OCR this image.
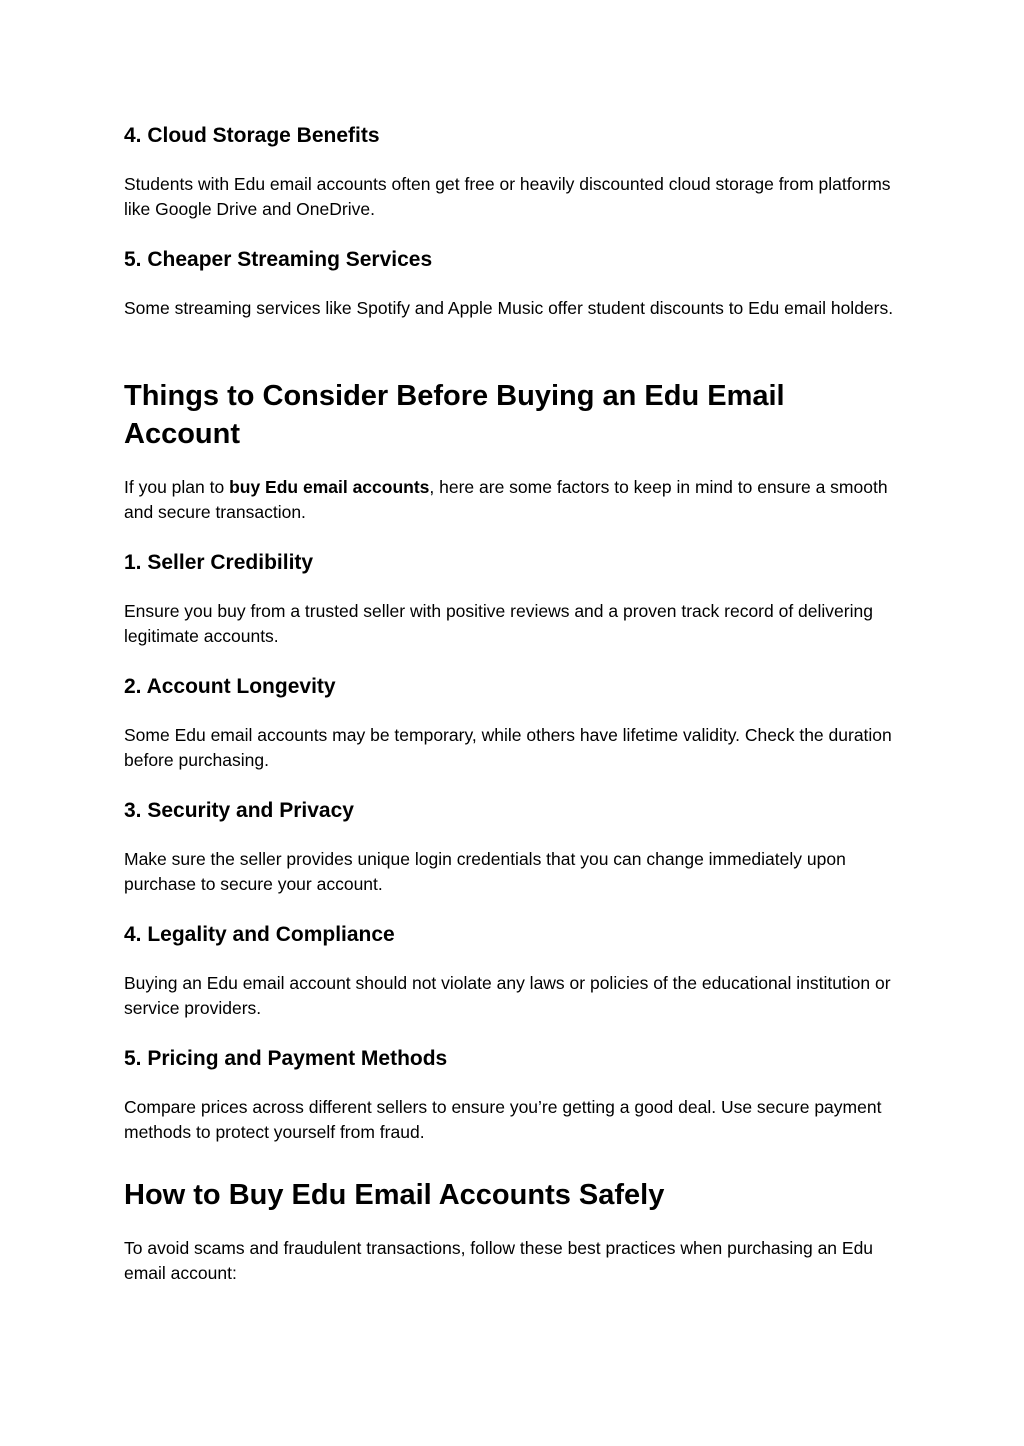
4. Cloud Storage Benefits

Students with Edu email accounts often get free or heavily discounted cloud storage from platforms like Google Drive and OneDrive.

5. Cheaper Streaming Services

Some streaming services like Spotify and Apple Music offer student discounts to Edu email holders.

Things to Consider Before Buying an Edu Email Account

If you plan to buy Edu email accounts, here are some factors to keep in mind to ensure a smooth and secure transaction.

1. Seller Credibility

Ensure you buy from a trusted seller with positive reviews and a proven track record of delivering legitimate accounts.

2. Account Longevity

Some Edu email accounts may be temporary, while others have lifetime validity. Check the duration before purchasing.

3. Security and Privacy

Make sure the seller provides unique login credentials that you can change immediately upon purchase to secure your account.

4. Legality and Compliance

Buying an Edu email account should not violate any laws or policies of the educational institution or service providers.

5. Pricing and Payment Methods

Compare prices across different sellers to ensure you’re getting a good deal. Use secure payment methods to protect yourself from fraud.

How to Buy Edu Email Accounts Safely

To avoid scams and fraudulent transactions, follow these best practices when purchasing an Edu email account:
